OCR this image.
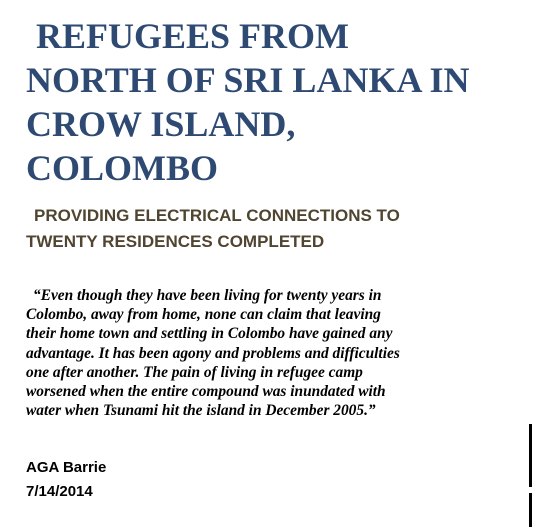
REFUGEES FROM
NORTH OF SRI LANKA IN
CROW ISLAND,
COLOMBO
PROVIDING ELECTRICAL CONNECTIONS TO
TWENTY RESIDENCES COMPLETED
“Even though they have been living for twenty years in
Colombo, away from home, none can claim that leaving
their home town and settling in Colombo have gained any
advantage. It has been agony and problems and difficulties
one after another. The pain of living in refugee camp
worsened when the entire compound was inundated with
water when Tsunami hit the island in December 2005.”
AGA Barrie
7/14/2014
